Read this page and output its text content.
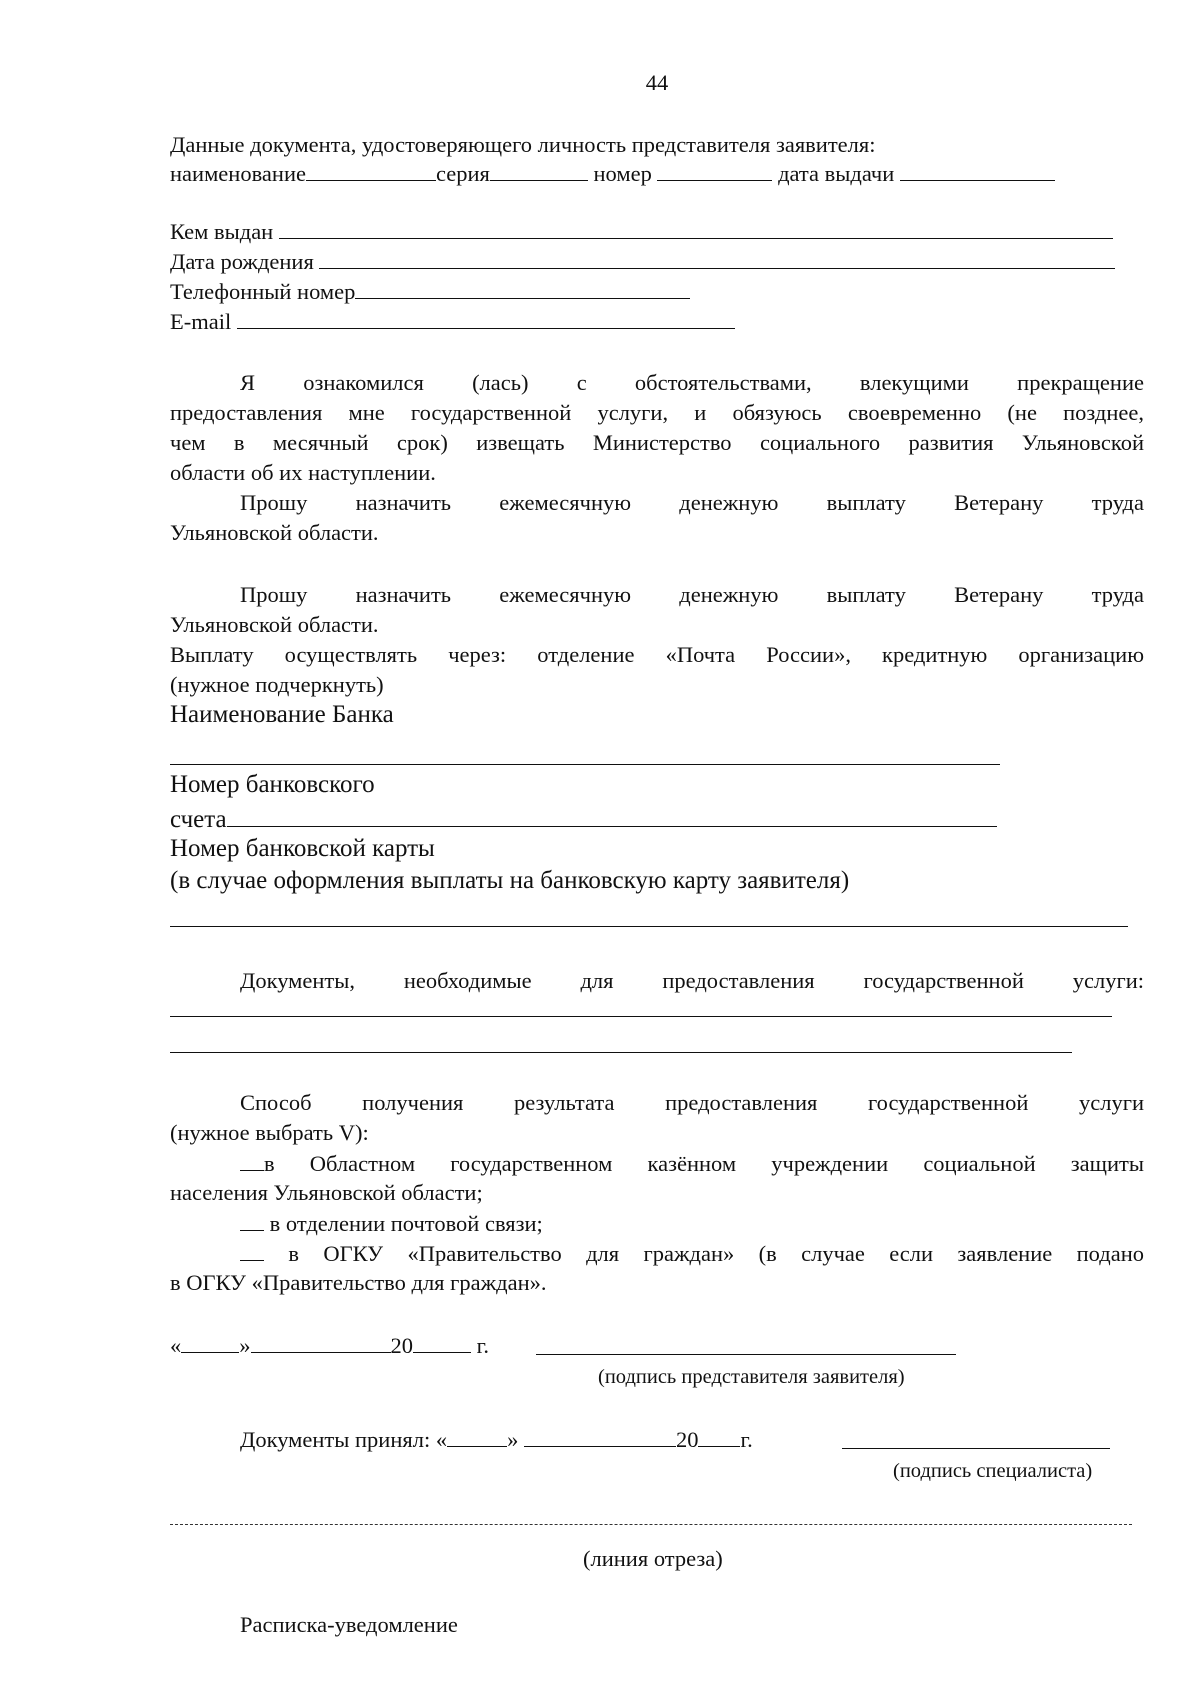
44
Данные документа, удостоверяющего личность представителя заявителя:
наименование	серия	номер	дата выдачи
Кем выдан
Дата рождения
Телефонный номер
E-mail
Я ознакомился (лась) с обстоятельствами, влекущими прекращение
предоставления мне государственной услуги, и обязуюсь своевременно (не позднее,
чем в месячный срок) извещать Министерство социального развития Ульяновской
области об их наступлении.
Прошу назначить ежемесячную денежную выплату Ветерану труда
Ульяновской области.
Прошу назначить ежемесячную денежную выплату Ветерану труда
Ульяновской области.
Выплату осуществлять через: отделение «Почта России», кредитную организацию
(нужное подчеркнуть)
Наименование Банка
Номер банковского
счета
Номер банковской карты
(в случае оформления выплаты на банковскую карту заявителя)
Документы, необходимые для предоставления государственной услуги:
Способ получения результата предоставления государственной услуги
(нужное выбрать V):
в Областном государственном казённом учреждении социальной защиты
населения Ульяновской области;
в отделении почтовой связи;
в ОГКУ «Правительство для граждан» (в случае если заявление подано
в ОГКУ «Правительство для граждан».
«	»	20	г.
(подпись представителя заявителя)
Документы принял: «	»	20 г.
(подпись специалиста)
(линия отреза)
Расписка-уведомление
